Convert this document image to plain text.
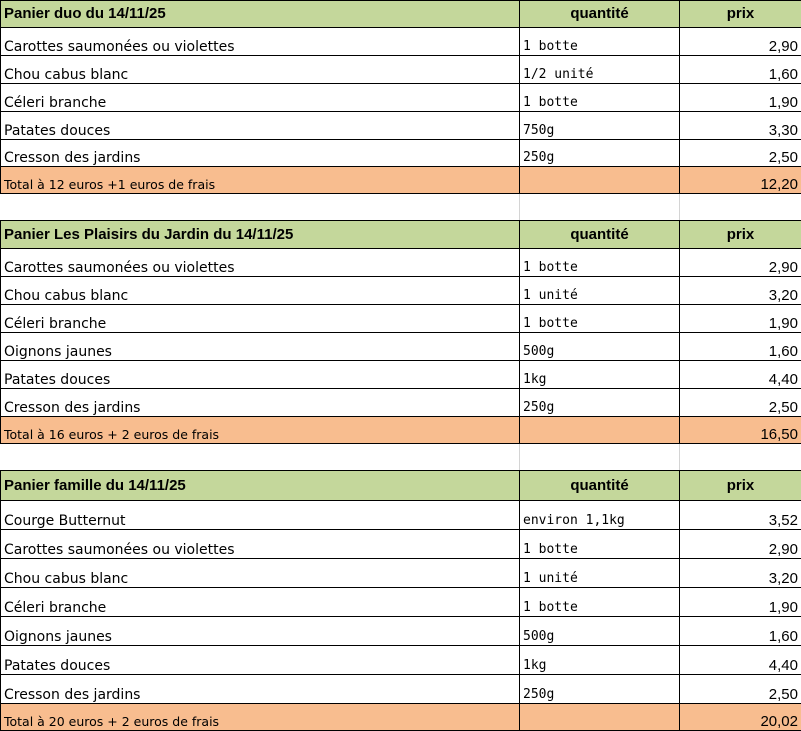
Panier duo du 14/11/25	quantité	prix
Carottes saumonées ou violettes	1 botte	2,90
Chou cabus blanc	1/2 unité	1,60
Céleri branche	1 botte	1,90
Patates douces	750g	3,30
Cresson des jardins	250g	2,50
Total à 12 euros +1 euros de frais		12,20

Panier Les Plaisirs du Jardin du 14/11/25	quantité	prix
Carottes saumonées ou violettes	1 botte	2,90
Chou cabus blanc	1 unité	3,20
Céleri branche	1 botte	1,90
Oignons jaunes	500g	1,60
Patates douces	1kg	4,40
Cresson des jardins	250g	2,50
Total à 16 euros + 2 euros de frais		16,50

Panier famille du 14/11/25	quantité	prix
Courge Butternut	environ 1,1kg	3,52
Carottes saumonées ou violettes	1 botte	2,90
Chou cabus blanc	1 unité	3,20
Céleri branche	1 botte	1,90
Oignons jaunes	500g	1,60
Patates douces	1kg	4,40
Cresson des jardins	250g	2,50
Total à 20 euros + 2 euros de frais		20,02
